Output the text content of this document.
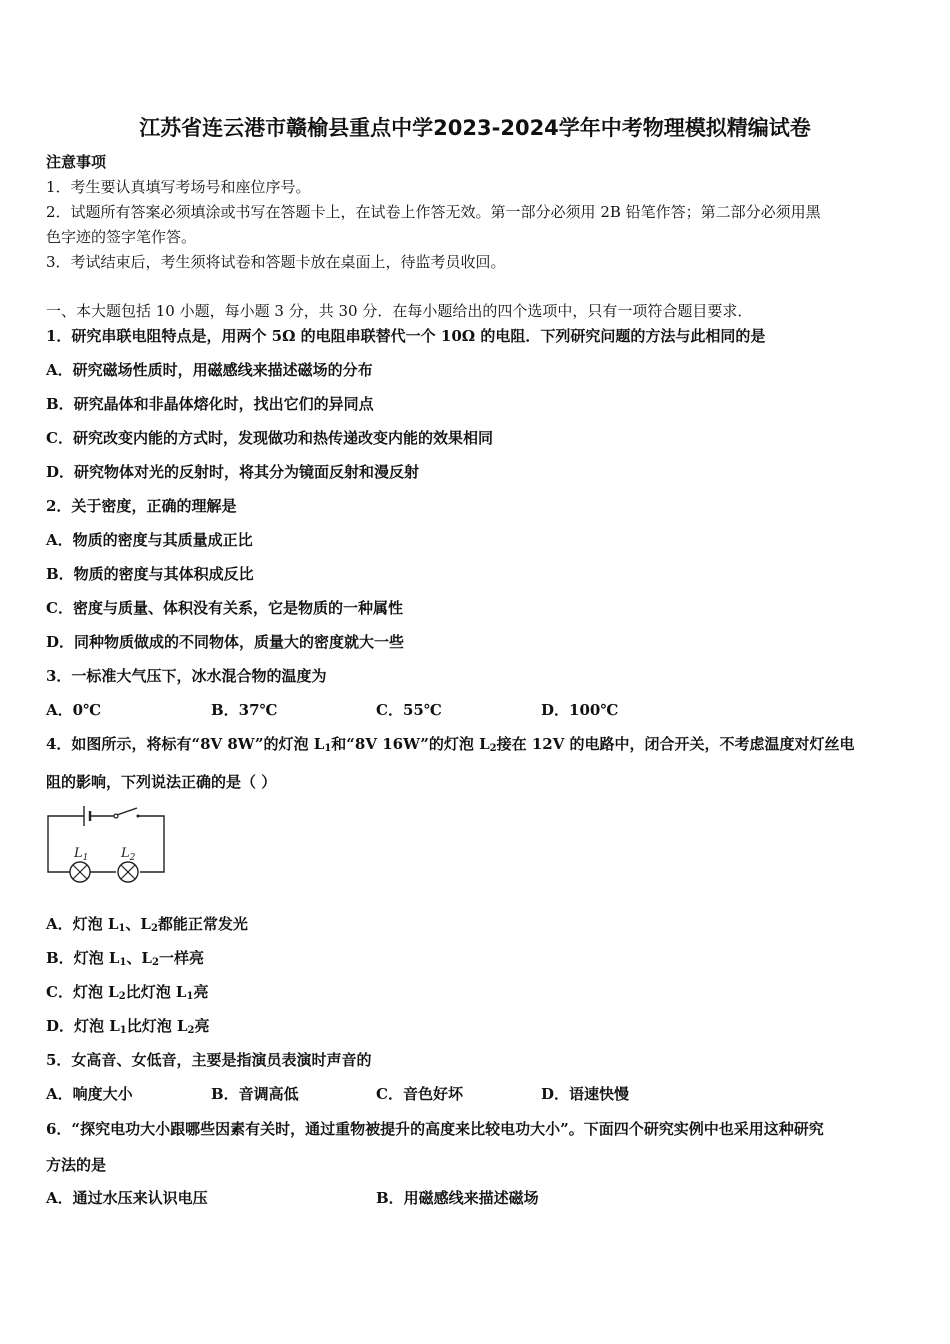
江苏省连云港市赣榆县重点中学2023-2024学年中考物理模拟精编试卷
注意事项
1．考生要认真填写考场号和座位序号。
2．试题所有答案必须填涂或书写在答题卡上，在试卷上作答无效。第一部分必须用 2B 铅笔作答；第二部分必须用黑
色字迹的签字笔作答。
3．考试结束后，考生须将试卷和答题卡放在桌面上，待监考员收回。
一、本大题包括 10 小题，每小题 3 分，共 30 分．在每小题给出的四个选项中，只有一项符合题目要求．
1．研究串联电阻特点是，用两个 5Ω 的电阻串联替代一个 10Ω 的电阻．下列研究问题的方法与此相同的是
A．研究磁场性质时，用磁感线来描述磁场的分布
B．研究晶体和非晶体熔化时，找出它们的异同点
C．研究改变内能的方式时，发现做功和热传递改变内能的效果相同
D．研究物体对光的反射时，将其分为镜面反射和漫反射
2．关于密度，正确的理解是
A．物质的密度与其质量成正比
B．物质的密度与其体积成反比
C．密度与质量、体积没有关系，它是物质的一种属性
D．同种物质做成的不同物体，质量大的密度就大一些
3．一标准大气压下，冰水混合物的温度为
A．0℃	B．37℃	C．55℃	D．100℃
4．如图所示，将标有“8V 8W”的灯泡 $L_1$和“8V 16W”的灯泡 $L_2$接在 12V 的电路中，闭合开关，不考虑温度对灯丝电
阻的影响，下列说法正确的是（ ）
$L_1$	$L_2$
A．灯泡 $L_1$、$L_2$都能正常发光
B．灯泡 $L_1$、$L_2$一样亮
C．灯泡 $L_2$比灯泡 $L_1$亮
D．灯泡 $L_1$比灯泡 $L_2$亮
5．女高音、女低音，主要是指演员表演时声音的
A．响度大小	B．音调高低	C．音色好坏	D．语速快慢
6．“探究电功大小跟哪些因素有关时，通过重物被提升的高度来比较电功大小”。下面四个研究实例中也采用这种研究
方法的是
A．通过水压来认识电压	B．用磁感线来描述磁场
